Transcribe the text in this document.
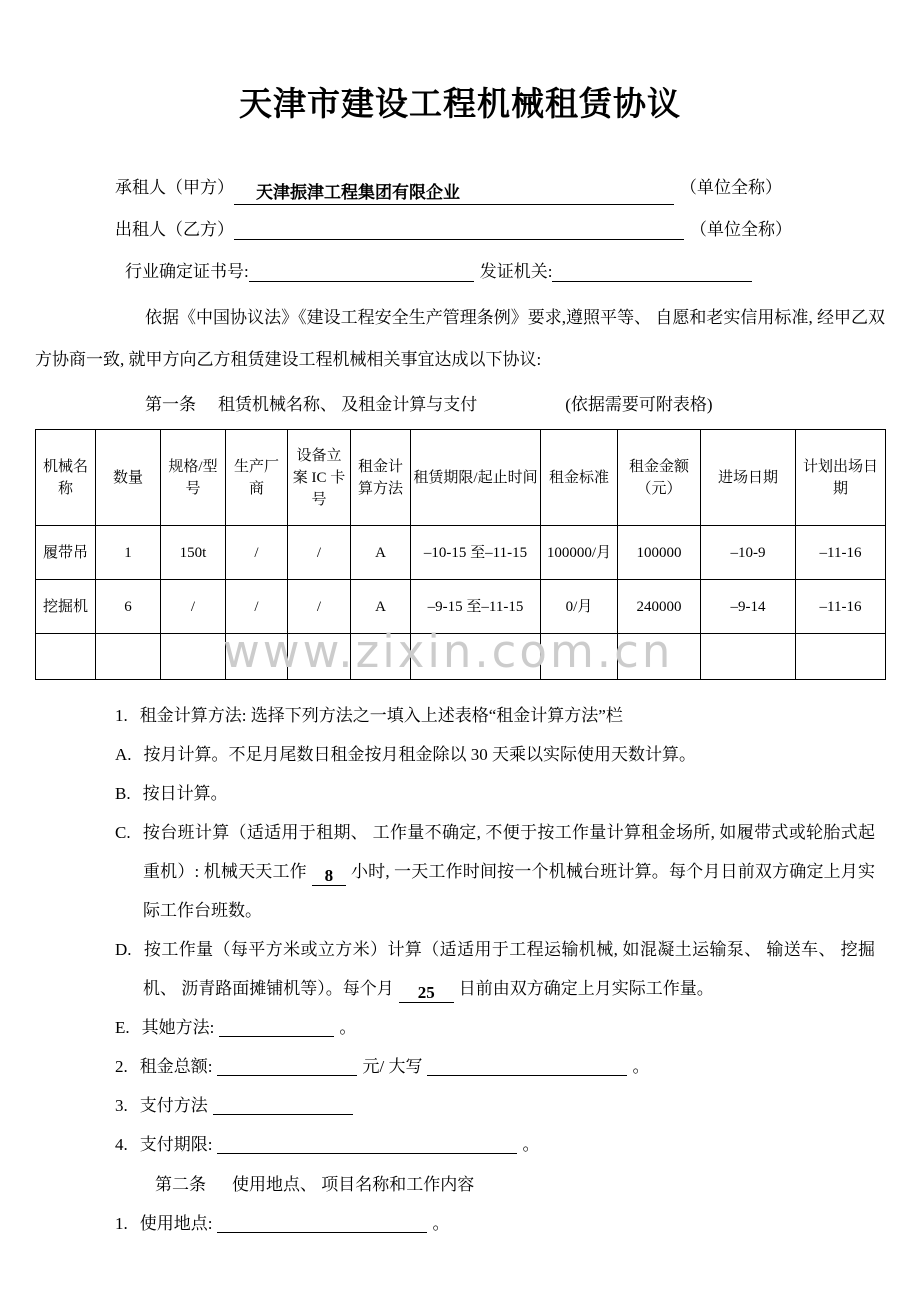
天津市建设工程机械租赁协议
承租人（甲方） 天津振津工程集团有限企业	（单位全称）
出租人（乙方）	（单位全称）
行业确定证书号:	发证机关:
依据《中国协议法》《建设工程安全生产管理条例》要求,遵照平等、 自愿和老实信用标准, 经甲乙双方协商一致, 就甲方向乙方租赁建设工程机械相关事宜达成以下协议:
第一条 租赁机械名称、 及租金计算与支付	(依据需要可附表格)
机械名称	数量	规格/型号	生产厂商	设备立案 IC 卡号	租金计算方法	租赁期限/起止时间	租金标准	租金金额（元）	进场日期	计划出场日期
履带吊	1	150t	/	/	A	–10-15 至–11-15	100000/月	100000	–10-9	–11-16
挖掘机	6	/	/	/	A	–9-15 至–11-15	0/月	240000	–9-14	–11-16

www.zixin.com.cn
1. 租金计算方法: 选择下列方法之一填入上述表格“租金计算方法”栏
A. 按月计算。不足月尾数日租金按月租金除以 30 天乘以实际使用天数计算。
B. 按日计算。
C. 按台班计算（适适用于租期、 工作量不确定, 不便于按工作量计算租金场所, 如履带式或轮胎式起重机）: 机械天天工作 8 小时, 一天工作时间按一个机械台班计算。每个月日前双方确定上月实际工作台班数。
D. 按工作量（每平方米或立方米）计算（适适用于工程运输机械, 如混凝土运输泵、 输送车、 挖掘机、 沥青路面摊铺机等）。每个月 25 日前由双方确定上月实际工作量。
E. 其她方法:	。
2. 租金总额:	元/ 大写	。
3. 支付方法
4. 支付期限:	。
第二条 使用地点、 项目名称和工作内容
1. 使用地点:	。
